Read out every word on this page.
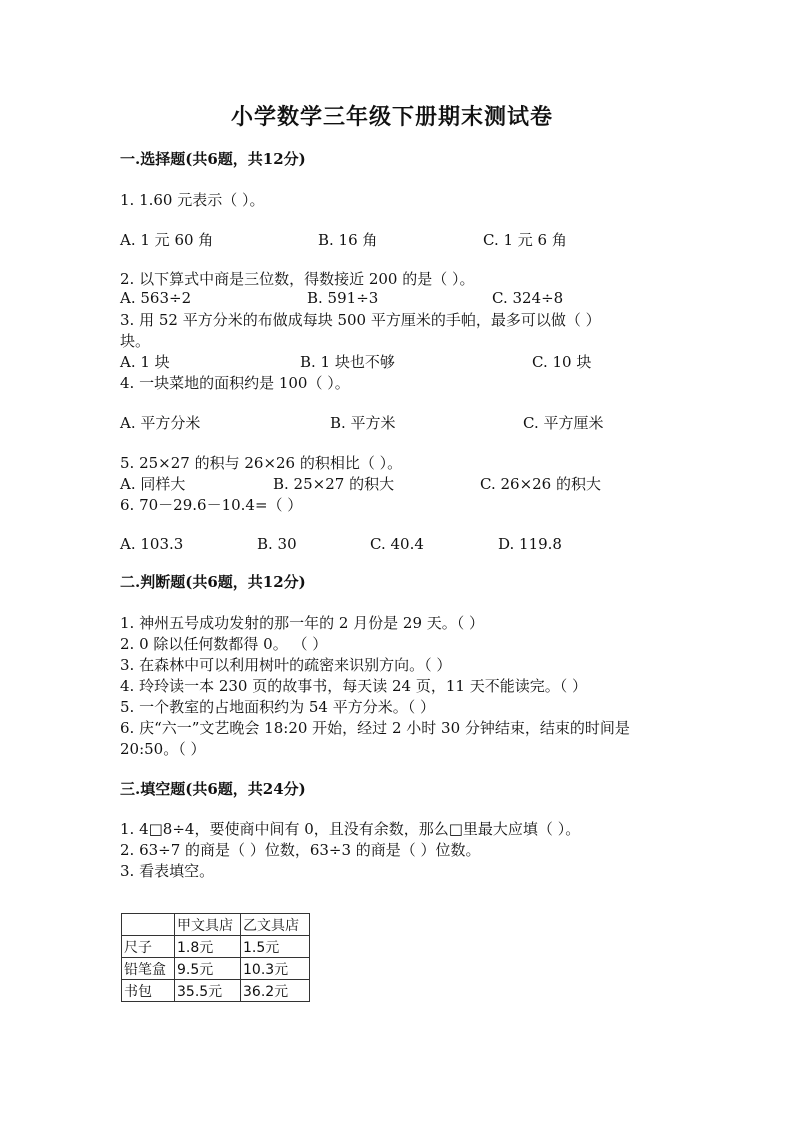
小学数学三年级下册期末测试卷
一.选择题(共6题，共12分)
1. 1.60 元表示（ ）。
A. 1 元 60 角	B. 16 角	C. 1 元 6 角
2. 以下算式中商是三位数，得数接近 200 的是（ ）。
A. 563÷2	B. 591÷3	C. 324÷8
3. 用 52 平方分米的布做成每块 500 平方厘米的手帕，最多可以做（ ）
块。
A. 1 块	B. 1 块也不够	C. 10 块
4. 一块菜地的面积约是 100（ ）。
A. 平方分米	B. 平方米	C. 平方厘米
5. 25×27 的积与 26×26 的积相比（ ）。
A. 同样大	B. 25×27 的积大	C. 26×26 的积大
6. 70－29.6－10.4=（ ）
A. 103.3	B. 30	C. 40.4	D. 119.8
二.判断题(共6题，共12分)
1. 神州五号成功发射的那一年的 2 月份是 29 天。（ ）
2. 0 除以任何数都得 0。 （ ）
3. 在森林中可以利用树叶的疏密来识别方向。（ ）
4. 玲玲读一本 230 页的故事书，每天读 24 页，11 天不能读完。（ ）
5. 一个教室的占地面积约为 54 平方分米。（ ）
6. 庆“六一”文艺晚会 18:20 开始，经过 2 小时 30 分钟结束，结束的时间是
20:50。（ ）
三.填空题(共6题，共24分)
1. 4□8÷4，要使商中间有 0，且没有余数，那么□里最大应填（ ）。
2. 63÷7 的商是（ ）位数，63÷3 的商是（ ）位数。
3. 看表填空。
	甲文具店	乙文具店
尺子	1.8元	1.5元
铅笔盒	9.5元	10.3元
书包	35.5元	36.2元
